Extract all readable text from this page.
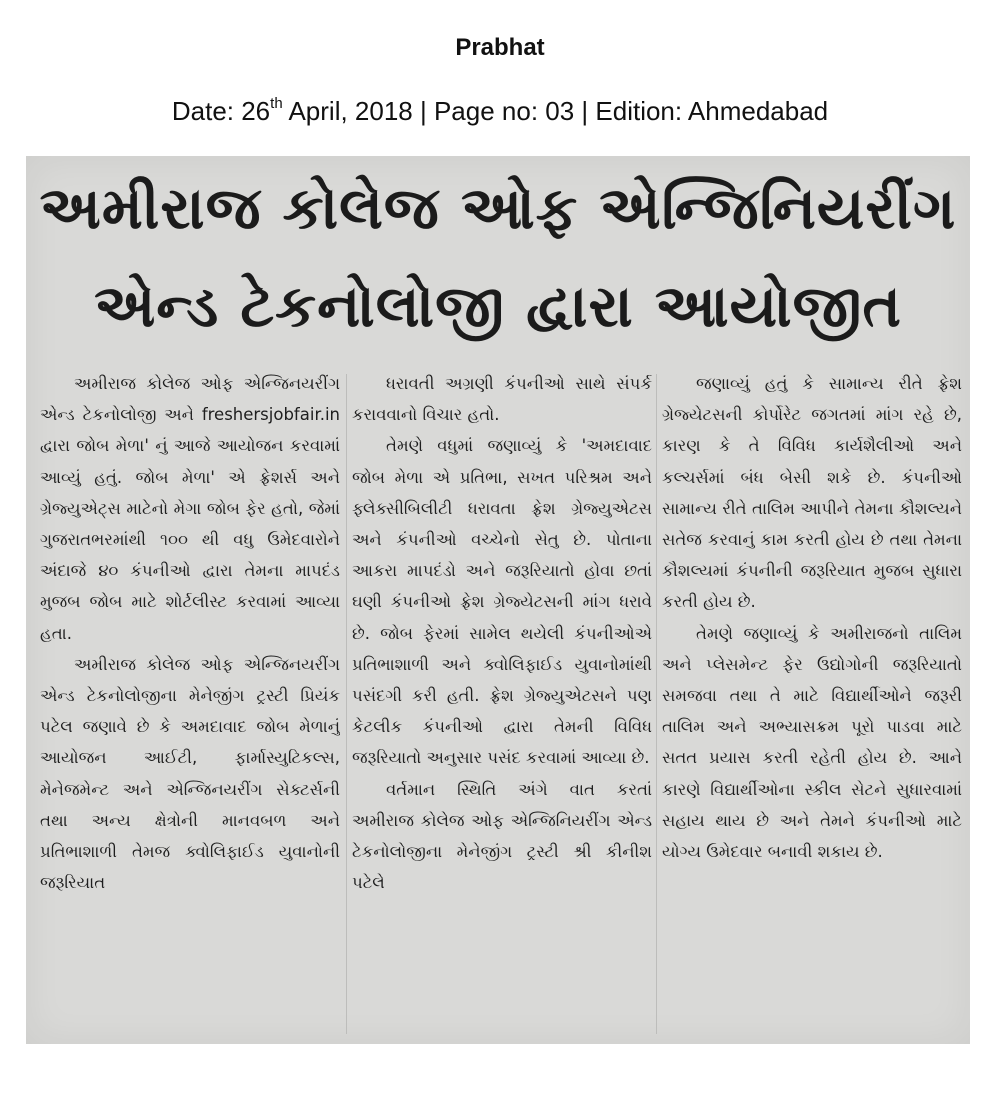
Prabhat
Date: 26th April, 2018 | Page no: 03 | Edition: Ahmedabad
અમીરાજ કોલેજ ઓફ એન્જિનિયરીંગ
એન્ડ ટેકનોલોજી દ્વારા આયોજીત

અમીરાજ કોલેજ ઓફ એન્જિનયરીંગ એન્ડ ટેકનોલોજી અને freshersjobfair.in દ્વારા જોબ મેળા' નું આજે આયોજન કરવામાં આવ્યું હતું. જોબ મેળા' એ ફ્રેશર્સ અને ગ્રેજ્યુએટ્સ માટેનો મેગા જોબ ફેર હતો, જેમાં ગુજરાતભરમાંથી ૧૦૦ થી વધુ ઉમેદવારોને અંદાજે ૪૦ કંપનીઓ દ્વારા તેમના માપદંડ મુજબ જોબ માટે શોર્ટલીસ્ટ કરવામાં આવ્યા હતા.

અમીરાજ કોલેજ ઓફ એન્જિનયરીંગ એન્ડ ટેકનોલોજીના મેનેજીંગ ટ્રસ્ટી પ્રિયંક પટેલ જણાવે છે કે અમદાવાદ જોબ મેળાનું આયોજન આઈટી, ફાર્માસ્યુટિકલ્સ, મેનેજમેન્ટ અને એન્જિનયરીંગ સેક્ટર્સની તથા અન્ય ક્ષેત્રોની માનવબળ અને પ્રતિભાશાળી તેમજ ક્વોલિફાઈડ યુવાનોની જરૂરિયાત

ધરાવતી અગ્રણી કંપનીઓ સાથે સંપર્ક કરાવવાનો વિચાર હતો.

તેમણે વધુમાં જણાવ્યું કે 'અમદાવાદ જોબ મેળા એ પ્રતિભા, સખત પરિશ્રમ અને ફ્લેક્સીબિલીટી ધરાવતા ફ્રેશ ગ્રેજ્યુએટસ અને કંપનીઓ વચ્ચેનો સેતુ છે. પોતાના આકરા માપદંડો અને જરૂરિયાતો હોવા છતાં ઘણી કંપનીઓ ફ્રેશ ગ્રેજ્યેટસની માંગ ધરાવે છે. જોબ ફેરમાં સામેલ થયેલી કંપનીઓએ પ્રતિભાશાળી અને ક્વોલિફાઈડ યુવાનોમાંથી પસંદગી કરી હતી. ફ્રેશ ગ્રેજ્યુએટસને પણ કેટલીક કંપનીઓ દ્વારા તેમની વિવિધ જરૂરિયાતો અનુસાર પસંદ કરવામાં આવ્યા છે.

વર્તમાન સ્થિતિ અંગે વાત કરતાં અમીરાજ કોલેજ ઓફ એન્જિનિયરીંગ એન્ડ ટેકનોલોજીના મેનેજીંગ ટ્રસ્ટી શ્રી કીનીશ પટેલે

જણાવ્યું હતું કે સામાન્ય રીતે ફ્રેશ ગ્રેજ્યેટસની કોર્પોરેટ જગતમાં માંગ રહે છે, કારણ કે તે વિવિધ કાર્યશૈલીઓ અને કલ્ચર્સમાં બંધ બેસી શકે છે. કંપનીઓ સામાન્ય રીતે તાલિમ આપીને તેમના કૌશલ્યને સતેજ કરવાનું કામ કરતી હોય છે તથા તેમના કૌશલ્યમાં કંપનીની જરૂરિયાત મુજબ સુધારા કરતી હોય છે.

તેમણે જણાવ્યું કે અમીરાજનો તાલિમ અને પ્લેસમેન્ટ ફેર ઉદ્યોગોની જરૂરિયાતો સમજવા તથા તે માટે વિદ્યાર્થીઓને જરૂરી તાલિમ અને અભ્યાસક્રમ પૂરો પાડવા માટે સતત પ્રયાસ કરતી રહેતી હોય છે. આને કારણે વિદ્યાર્થીઓના સ્કીલ સેટને સુધારવામાં સહાય થાય છે અને તેમને કંપનીઓ માટે યોગ્ય ઉમેદવાર બનાવી શકાય છે.
